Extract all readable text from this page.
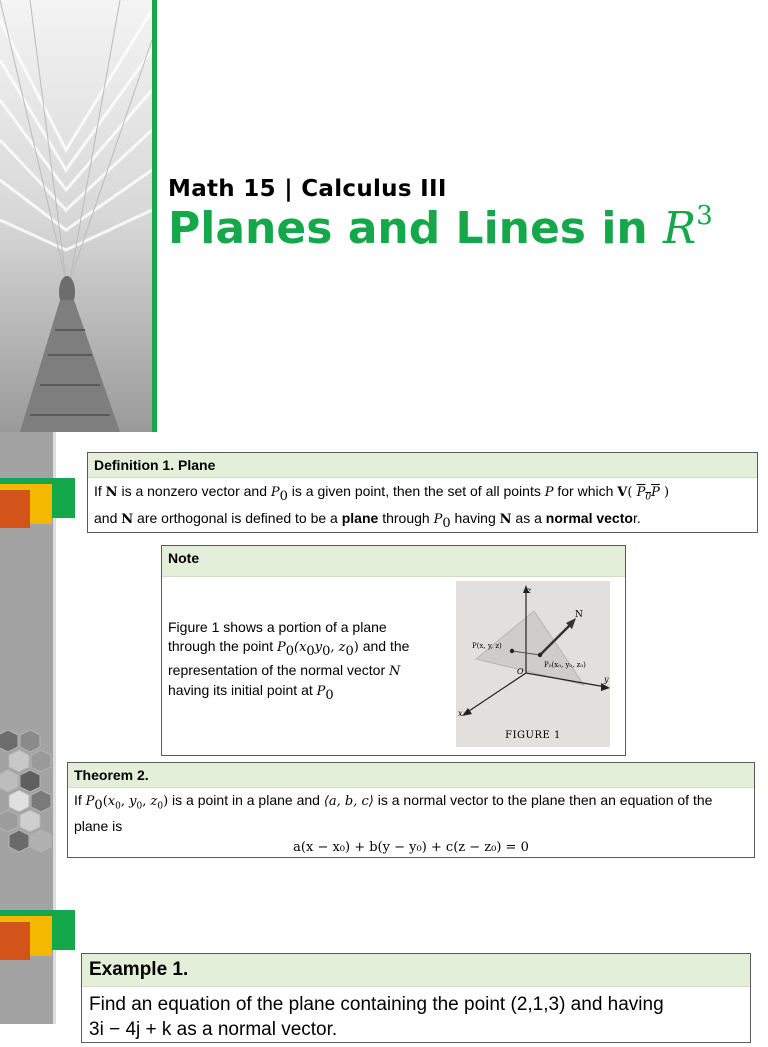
Math 15 | Calculus III
Planes and Lines in $R^3$
Definition 1. Plane
If N is a nonzero vector and $P_0$ is a given point, then the set of all points P for which V( $P_0P$ )
and N are orthogonal is defined to be a plane through $P_0$ having N as a normal vector.
Note
Figure 1 shows a portion of a plane through the point $P_0(x_0y_0$, $z_0$) and the representation of the normal vector N
having its initial point at $P_0$
z
N
P(x, y, z)
O
P₀(x₀, y₀, z₀)
y
x
FIGURE 1
Theorem 2.
If $P_0(x_0$, $y_0$, $z_0$) is a point in a plane and ⟨a, b, c⟩ is a normal vector to the plane then an equation of the plane is
a(x − x₀) + b(y − y₀) + c(z − z₀) = 0
Example 1.
Find an equation of the plane containing the point (2,1,3) and having
3i − 4j + k as a normal vector.
